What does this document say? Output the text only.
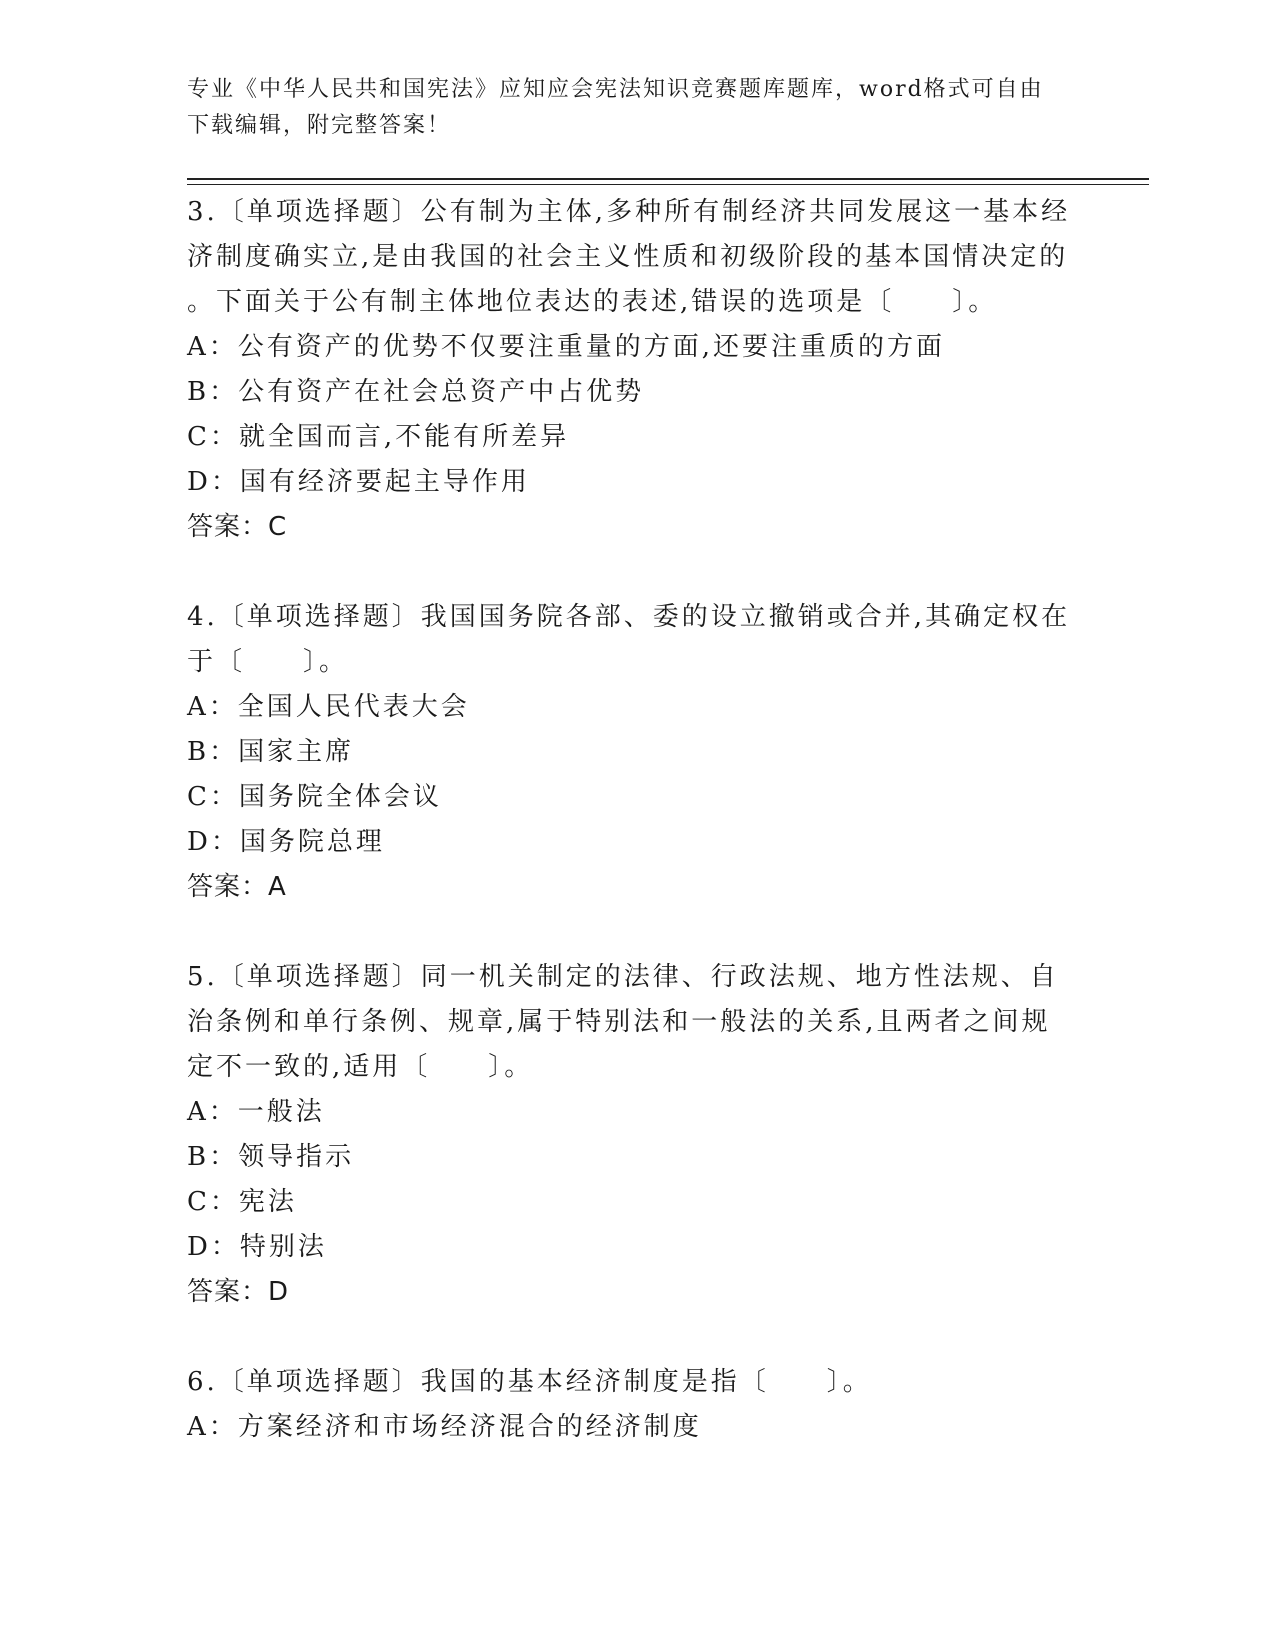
专业《中华人民共和国宪法》应知应会宪法知识竞赛题库题库，word格式可自由
下载编辑，附完整答案！

3.〔单项选择题〕公有制为主体,多种所有制经济共同发展这一基本经

济制度确实立,是由我国的社会主义性质和初级阶段的基本国情决定的

。下面关于公有制主体地位表达的表述,错误的选项是〔　　〕。

A：公有资产的优势不仅要注重量的方面,还要注重质的方面

B：公有资产在社会总资产中占优势

C：就全国而言,不能有所差异

D：国有经济要起主导作用

答案：C

4.〔单项选择题〕我国国务院各部、委的设立撤销或合并,其确定权在

于〔　　〕。

A：全国人民代表大会

B：国家主席

C：国务院全体会议

D：国务院总理

答案：A

5.〔单项选择题〕同一机关制定的法律、行政法规、地方性法规、自

治条例和单行条例、规章,属于特别法和一般法的关系,且两者之间规

定不一致的,适用〔　　〕。

A：一般法

B：领导指示

C：宪法

D：特别法

答案：D

6.〔单项选择题〕我国的基本经济制度是指〔　　〕。

A：方案经济和市场经济混合的经济制度
